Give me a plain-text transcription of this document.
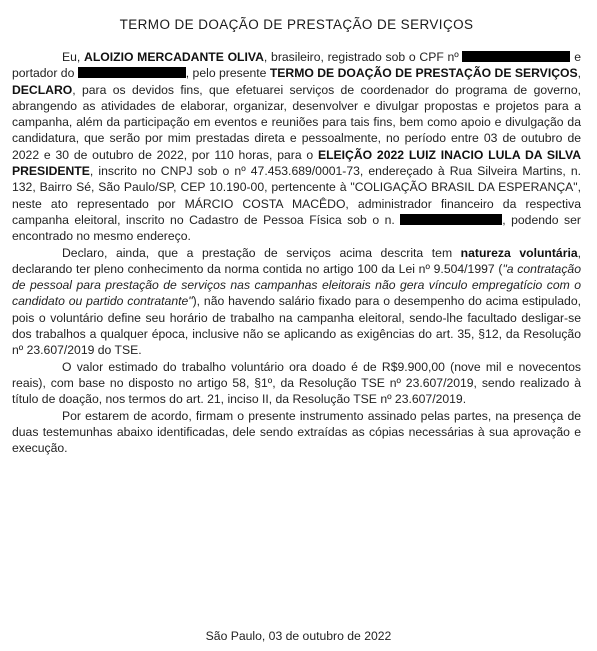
TERMO DE DOAÇÃO DE PRESTAÇÃO DE SERVIÇOS

Eu, ALOIZIO MERCADANTE OLIVA, brasileiro, registrado sob o CPF nº	e portador do	, pelo presente TERMO DE DOAÇÃO DE PRESTAÇÃO DE SERVIÇOS, DECLARO, para os devidos fins, que efetuarei serviços de coordenador do programa de governo, abrangendo as atividades de elaborar, organizar, desenvolver e divulgar propostas e projetos para a campanha, além da participação em eventos e reuniões para tais fins, bem como apoio e divulgação da candidatura, que serão por mim prestadas direta e pessoalmente, no período entre 03 de outubro de 2022 e 30 de outubro de 2022, por 110 horas, para o ELEIÇÃO 2022 LUIZ INACIO LULA DA SILVA PRESIDENTE, inscrito no CNPJ sob o nº 47.453.689/0001-73, endereçado à Rua Silveira Martins, n. 132, Bairro Sé, São Paulo/SP, CEP 10.190-00, pertencente à "COLIGAÇÃO BRASIL DA ESPERANÇA", neste ato representado por MÁRCIO COSTA MACÊDO, administrador financeiro da respectiva campanha eleitoral, inscrito no Cadastro de Pessoa Física sob o n.	, podendo ser encontrado no mesmo endereço.

Declaro, ainda, que a prestação de serviços acima descrita tem natureza voluntária, declarando ter pleno conhecimento da norma contida no artigo 100 da Lei nº 9.504/1997 ("a contratação de pessoal para prestação de serviços nas campanhas eleitorais não gera vínculo empregatício com o candidato ou partido contratante"), não havendo salário fixado para o desempenho do acima estipulado, pois o voluntário define seu horário de trabalho na campanha eleitoral, sendo-lhe facultado desligar-se dos trabalhos a qualquer época, inclusive não se aplicando as exigências do art. 35, §12, da Resolução nº 23.607/2019 do TSE.

O valor estimado do trabalho voluntário ora doado é de R$9.900,00 (nove mil e novecentos reais), com base no disposto no artigo 58, §1º, da Resolução TSE nº 23.607/2019, sendo realizado à título de doação, nos termos do art. 21, inciso II, da Resolução TSE nº 23.607/2019.

Por estarem de acordo, firmam o presente instrumento assinado pelas partes, na presença de duas testemunhas abaixo identificadas, dele sendo extraídas as cópias necessárias à sua aprovação e execução.

São Paulo, 03 de outubro de 2022
